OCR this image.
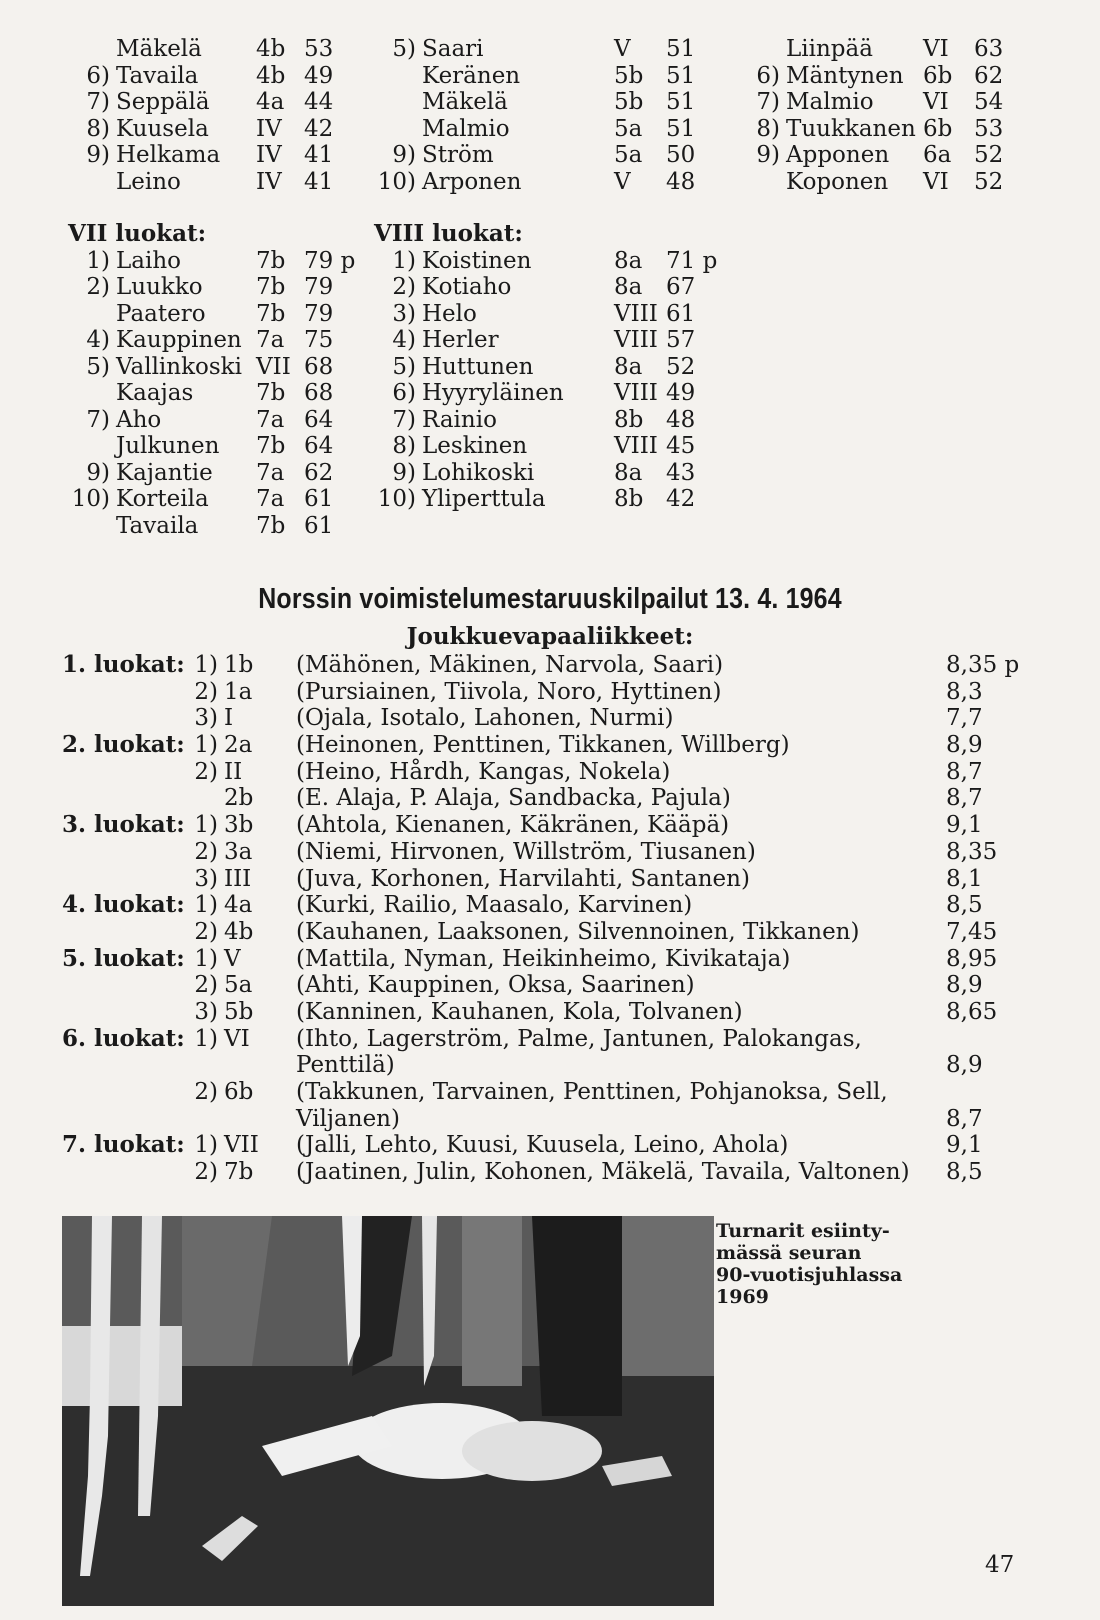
Mäkelä 4b 53
6) Tavaila	4b 49
7) Seppälä 4a 44
8) Kuusela IV 42
9) Helkama IV 41
Leino	IV 41
VII luokat:
1) Laiho	7b 79 p
2) Luukko 7b 79
Paatero 7b 79
4) Kauppinen 7a 75
5) Vallinkoski VII 68
Kaajas	7b 68
7) Aho	7a 64
Julkunen 7b 64
9) Kajantie 7a 62
10) Korteila 7a 61
Tavaila	7b 61
5) Saari	V 51
Keränen	5b 51
Mäkelä	5b 51
Malmio	5a 51
9) Ström	5a 50
10) Arponen	V 48
VIII luokat:
1) Koistinen	8a 71 p
2) Kotiaho	8a 67
3) Helo	VIII 61
4) Herler	VIII 57
5) Huttunen	8a 52
6) Hyyryläinen VIII 49
7) Rainio	8b 48
8) Leskinen	VIII 45
9) Lohikoski	8a 43
10) Yliperttula	8b 42
Liinpää VI 63
6) Mäntynen 6b 62
7) Malmio VI 54
8) Tuukkanen 6b 53
9) Apponen 6a 52
Koponen VI 52
Norssin voimistelumestaruuskilpailut 13. 4. 1964
Joukkuevapaaliikkeet:
1. luokat: 1) 1b (Mähönen, Mäkinen, Narvola, Saari)	8,35 p
2) 1a (Pursiainen, Tiivola, Noro, Hyttinen)	8,3
3) I	(Ojala, Isotalo, Lahonen, Nurmi)	7,7
2. luokat: 1) 2a (Heinonen, Penttinen, Tikkanen, Willberg)	8,9
2) II (Heino, Hårdh, Kangas, Nokela)	8,7
2b (E. Alaja, P. Alaja, Sandbacka, Pajula)	8,7
3. luokat: 1) 3b (Ahtola, Kienanen, Käkränen, Kääpä)	9,1
2) 3a (Niemi, Hirvonen, Willström, Tiusanen)	8,35
3) III (Juva, Korhonen, Harvilahti, Santanen)	8,1
4. luokat: 1) 4a (Kurki, Railio, Maasalo, Karvinen)	8,5
2) 4b (Kauhanen, Laaksonen, Silvennoinen, Tikkanen)	7,45
5. luokat: 1) V (Mattila, Nyman, Heikinheimo, Kivikataja)	8,95
2) 5a (Ahti, Kauppinen, Oksa, Saarinen)	8,9
3) 5b (Kanninen, Kauhanen, Kola, Tolvanen)	8,65
6. luokat: 1) VI (Ihto, Lagerström, Palme, Jantunen, Palokangas,
Penttilä)	8,9
2) 6b (Takkunen, Tarvainen, Penttinen, Pohjanoksa, Sell,
Viljanen)	8,7
7. luokat: 1) VII (Jalli, Lehto, Kuusi, Kuusela, Leino, Ahola)	9,1
2) 7b (Jaatinen, Julin, Kohonen, Mäkelä, Tavaila, Valtonen) 8,5
Turnarit esiinty-
mässä seuran
90-vuotisjuhlassa
1969
47
